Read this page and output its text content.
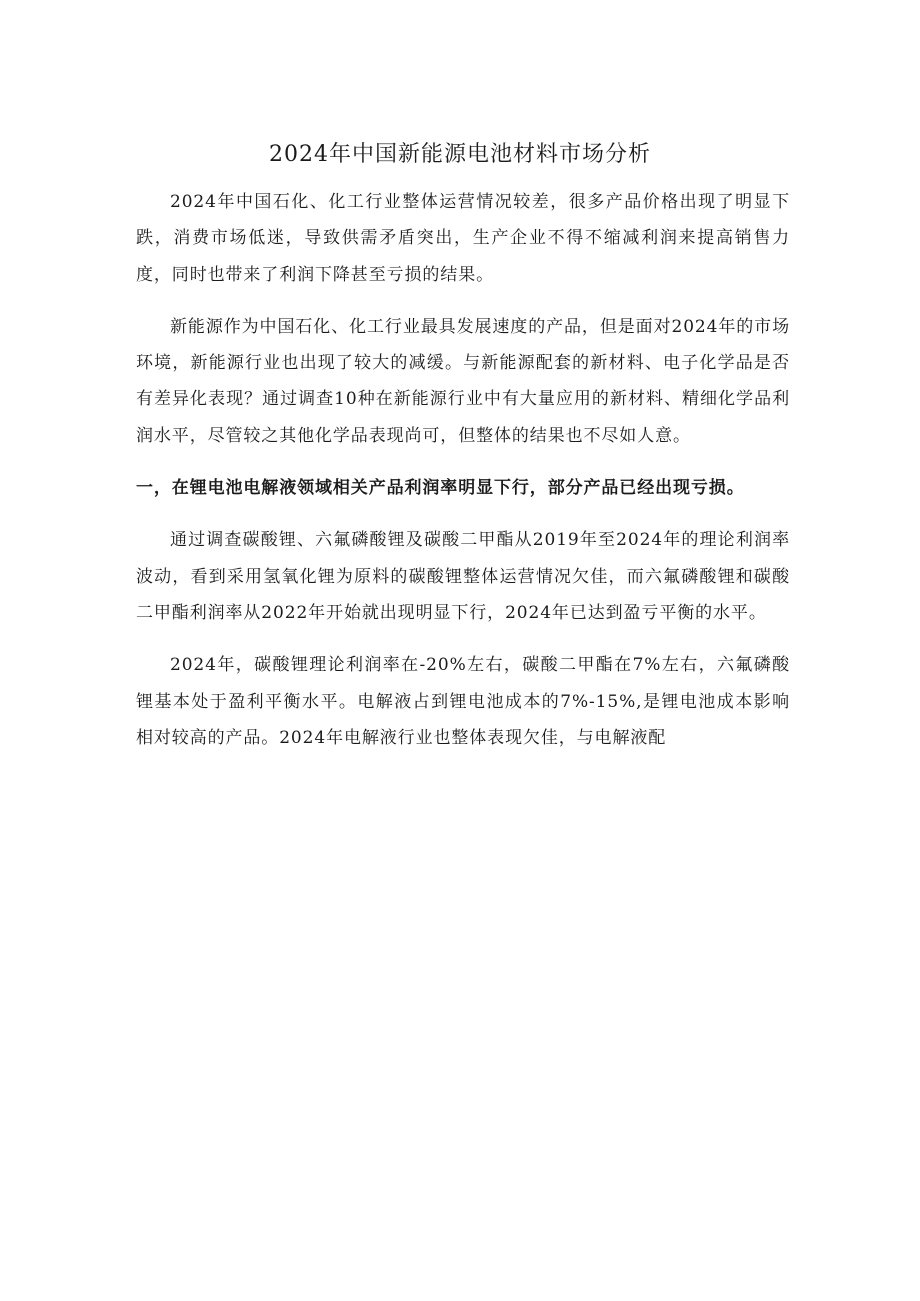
2024年中国新能源电池材料市场分析

2024年中国石化、化工行业整体运营情况较差，很多产品价格出现了明显下跌，消费市场低迷，导致供需矛盾突出，生产企业不得不缩减利润来提高销售力度，同时也带来了利润下降甚至亏损的结果。

新能源作为中国石化、化工行业最具发展速度的产品，但是面对2024年的市场环境，新能源行业也出现了较大的减缓。与新能源配套的新材料、电子化学品是否有差异化表现？通过调查10种在新能源行业中有大量应用的新材料、精细化学品利润水平，尽管较之其他化学品表现尚可，但整体的结果也不尽如人意。

一，在锂电池电解液领域相关产品利润率明显下行，部分产品已经出现亏损。

通过调查碳酸锂、六氟磷酸锂及碳酸二甲酯从2019年至2024年的理论利润率波动，看到采用氢氧化锂为原料的碳酸锂整体运营情况欠佳，而六氟磷酸锂和碳酸二甲酯利润率从2022年开始就出现明显下行，2024年已达到盈亏平衡的水平。

2024年，碳酸锂理论利润率在-20%左右，碳酸二甲酯在7%左右，六氟磷酸锂基本处于盈利平衡水平。电解液占到锂电池成本的7%-15%,是锂电池成本影响相对较高的产品。2024年电解液行业也整体表现欠佳，与电解液配
